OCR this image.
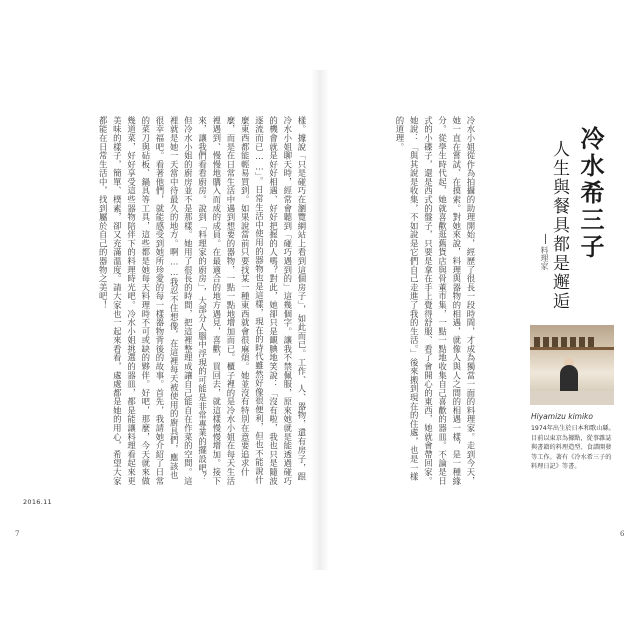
樣。據說「只是碰巧在瀏覽網站上看到這個房子」，如此而已。工作、人、器物，還有房子，跟冷水小姐聊天時，經常會聽到「碰巧遇到的」這幾個字。讓我不禁佩服，原來她就是能透過碰巧的機會就是好好相遇、好好把握的人嗎？對此，她卻只是靦腆地笑說：「沒有啦，我也只是隨波逐流而已……」。日常生活中使用的器物也是這樣，現在的時代雖然好像很便利，但也不能說什麼東西都能輕易買到。如果說當前只要找某一種東西就會很麻煩。她並沒有特別在意要追求什麼，而是在日常生活中遇到想要的器物，一點一點地增加而已。櫃子裡的是冷水小姐在每天生活裡遇到、慢慢地購入而成的成員。在最適合的地方遇見，喜歡，買回去，就這樣慢慢增加。接下來，讓我們看看廚房。說到「料理家的廚房」，大部分人腦中浮現的可能是非常專業的擺設吧？但冷水小姐的廚房並不是那樣。她用了很長的時間，把這裡整理成讓自己能自在作菜的空間。這裡就是她一天當中待最久的地方。啊……我忍不住想像，在這裡每天被使用的廚具們，應該也很幸福吧。看著他們，就能感受到她所珍愛的每一樣器物背後的故事。首先，我請她介紹了日常的菜刀與砧板、鍋具等工具，這些都是她每天料理時不可或缺的夥伴。好吧，那麼，今天就來做幾道菜，好好享受這些器物陪伴下的料理時光吧。冷水小姐挑選的器皿，都是能讓料理看起來更美味的樣子，簡單、樸素，卻又充滿溫度。請大家也一起來看看，處處都是她的用心，希望大家都能在日常生活中，找到屬於自己的器物之美吧！
2016.11
7
冷水希三子
人生與餐具都是邂逅
料理家
冷水小姐從作為拍攝的助理開始，經歷了很長一段時間，才成為獨當一面的料理家。走到今天，她一直在嘗試、在摸索。對她來說，料理與器物的相遇，就像人與人之間的相遇一樣，是一種緣分。從學生時代起，她就喜歡逛舊貨店與骨董市集，一點一點地收集自己喜歡的器皿。不論是日式的小碟子，還是西式的盤子，只要是拿在手上覺得舒服、看了會開心的東西，她就會帶回家。她說：「與其說是收集，不如說是它們自己走進了我的生活。」後來搬到現在的住處，也是一樣的道理。
Hiyamizu kimiko
1974年出生於日本和歌山縣。目前以東京為據點，從事雜誌與書籍的料理造型、食譜開發等工作。著有《冷水希三子的料理日記》等書。
6
